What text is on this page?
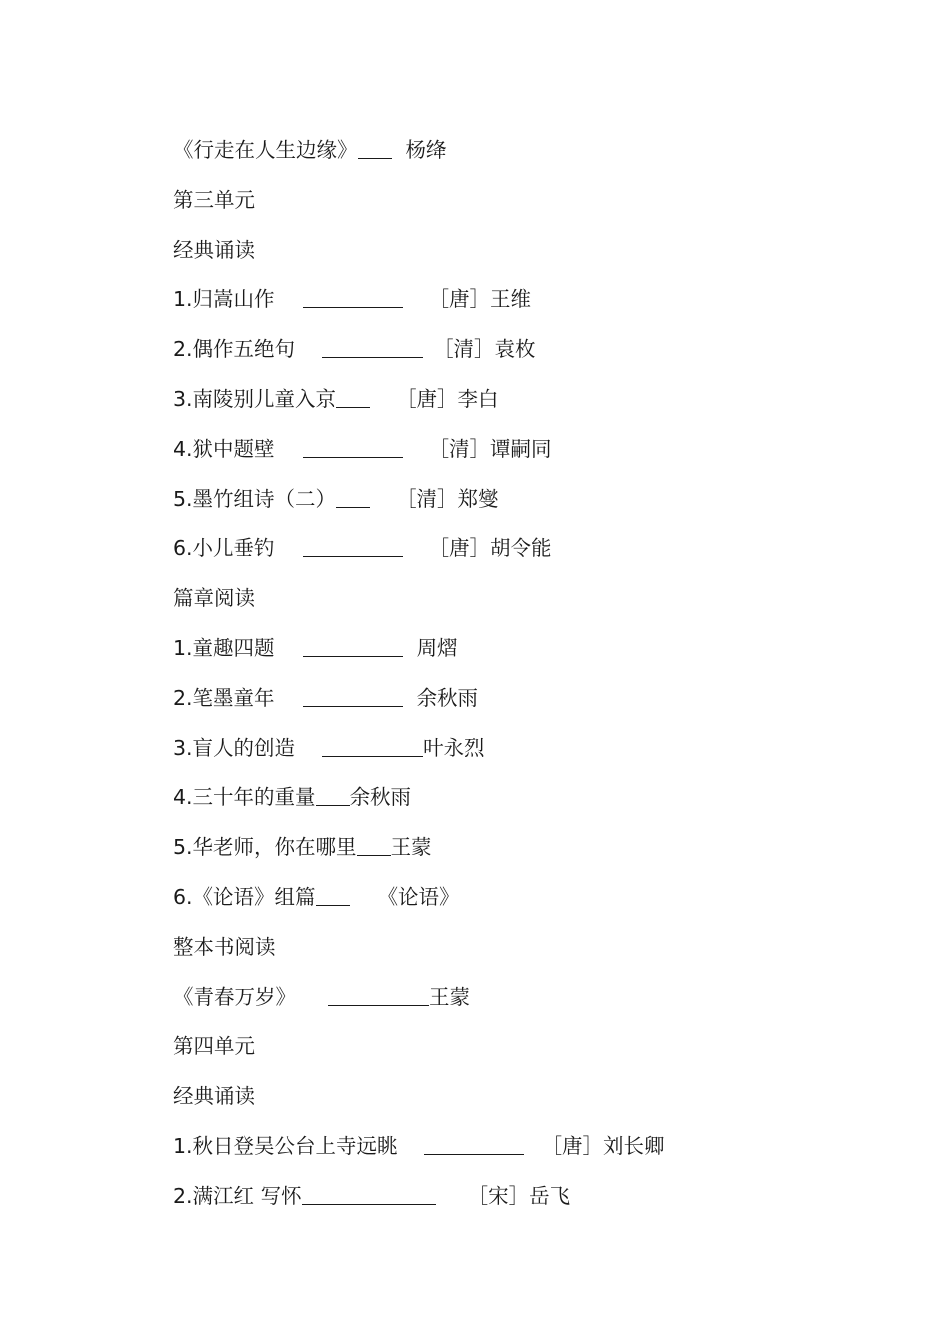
《行走在人生边缘》 杨绛
第三单元
经典诵读
1.归嵩山作	［唐］王维
2.偶作五绝句	［清］袁枚
3.南陵别儿童入京	［唐］李白
4.狱中题壁	［清］谭嗣同
5.墨竹组诗（二）	［清］郑燮
6.小儿垂钓	［唐］胡令能
篇章阅读
1.童趣四题	周熠
2.笔墨童年	余秋雨
3.盲人的创造	叶永烈
4.三十年的重量 余秋雨
5.华老师，你在哪里 王蒙
6.《论语》组篇	《论语》
整本书阅读
《青春万岁》	王蒙
第四单元
经典诵读
1.秋日登吴公台上寺远眺	［唐］刘长卿
2.满江红 写怀	［宋］岳飞
